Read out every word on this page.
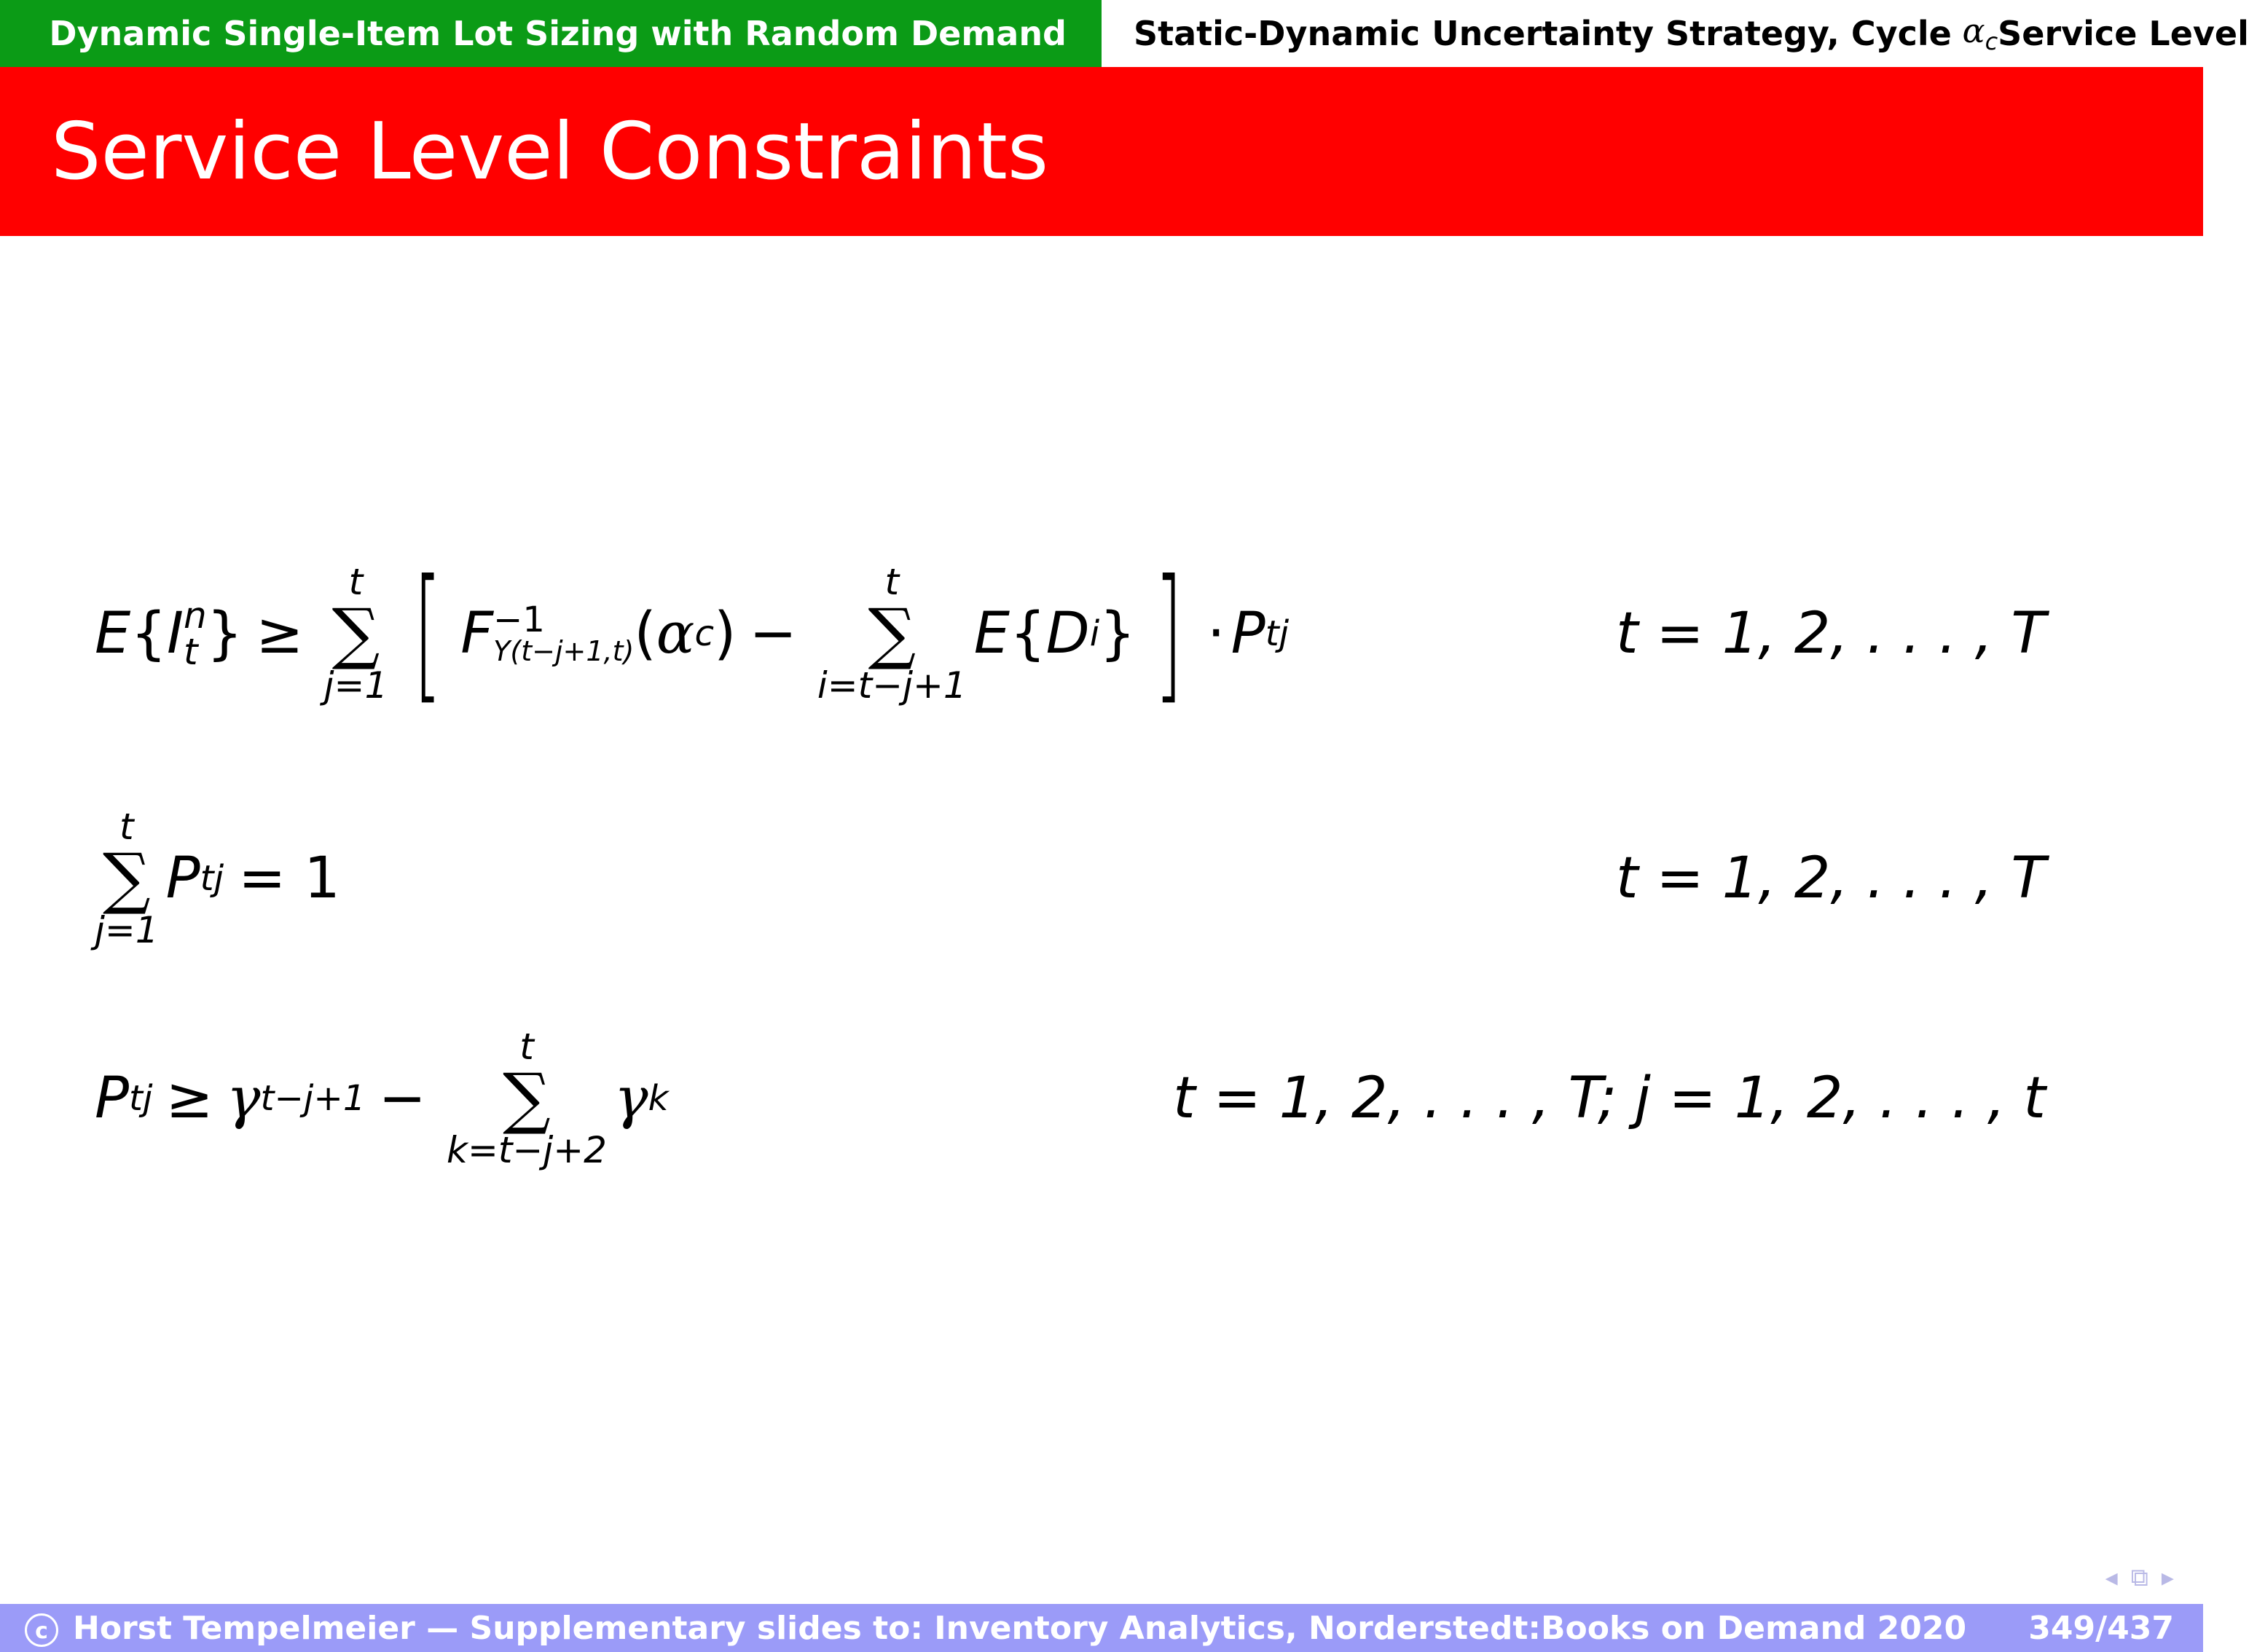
Dynamic Single-Item Lot Sizing with Random Demand Static-Dynamic Uncertainty Strategy, Cycle $\alpha_c$ Service Level
Service Level Constraints
E { I n
t } ≥
t
∑
j=1 [ F −1
Y(t−j+1,t) ( α c ) −
t
∑
i=t−j+1
E { D i } ] · P tj	t = 1, 2, . . . , T
t
∑
j=1
P tj = 1	t = 1, 2, . . . , T
P tj ≥ γ t−j+1 −
t
∑
k=t−j+2
γ k	t = 1, 2, . . . , T; j = 1, 2, . . . , t
◂ ⧉ ▸
c Horst Tempelmeier — Supplementary slides to: Inventory Analytics, Norderstedt:Books on Demand 2020	349/437
